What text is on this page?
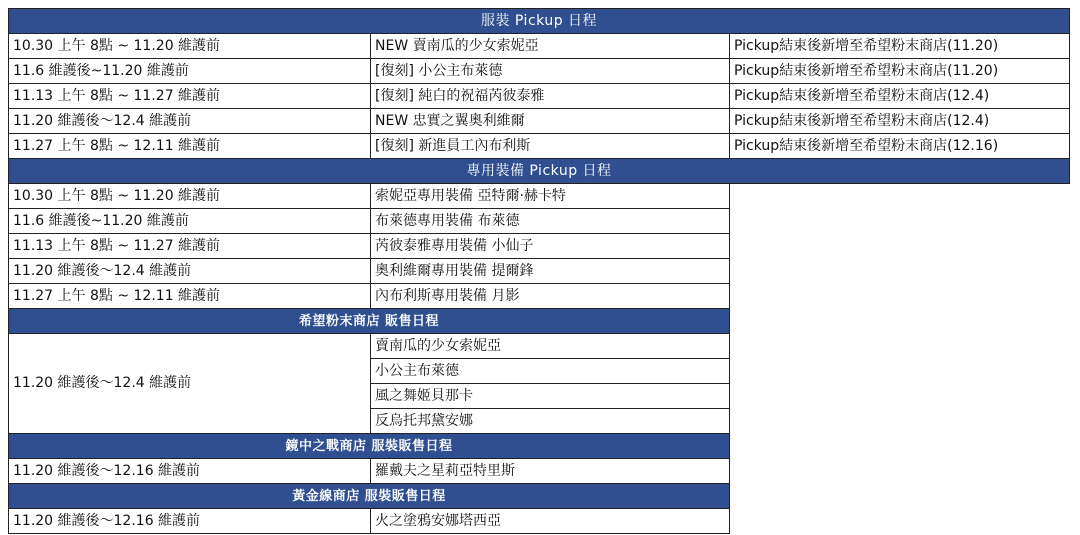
服裝 Pickup 日程		
10.30 上午 8點 ~ 11.20 維護前	NEW 賣南瓜的少女索妮亞	Pickup結束後新增至希望粉末商店(11.20)
11.6 維護後~11.20 維護前	[復刻] 小公主布萊德	Pickup結束後新增至希望粉末商店(11.20)
11.13 上午 8點 ~ 11.27 維護前	[復刻] 純白的祝福芮彼泰雅	Pickup結束後新增至希望粉末商店(12.4)
11.20 維護後〜12.4 維護前	NEW 忠實之翼奧利維爾	Pickup結束後新增至希望粉末商店(12.4)
11.27 上午 8點 ~ 12.11 維護前	[復刻] 新進員工內布利斯	Pickup結束後新增至希望粉末商店(12.16)
專用裝備 Pickup 日程		
10.30 上午 8點 ~ 11.20 維護前	索妮亞專用裝備 亞特爾·赫卡特	
11.6 維護後~11.20 維護前	布萊德專用裝備 布萊德	
11.13 上午 8點 ~ 11.27 維護前	芮彼泰雅專用裝備 小仙子	
11.20 維護後〜12.4 維護前	奧利維爾專用裝備 提爾鋒	
11.27 上午 8點 ~ 12.11 維護前	內布利斯專用裝備 月影	
希望粉末商店 販售日程		
11.20 維護後〜12.4 維護前	賣南瓜的少女索妮亞	
	小公主布萊德	
	風之舞姬貝那卡	
	反烏托邦黛安娜	
鏡中之戰商店 服裝販售日程		
11.20 維護後〜12.16 維護前	羅戴夫之星莉亞特里斯	
黃金線商店 服裝販售日程		
11.20 維護後〜12.16 維護前	火之塗鴉安娜塔西亞	
